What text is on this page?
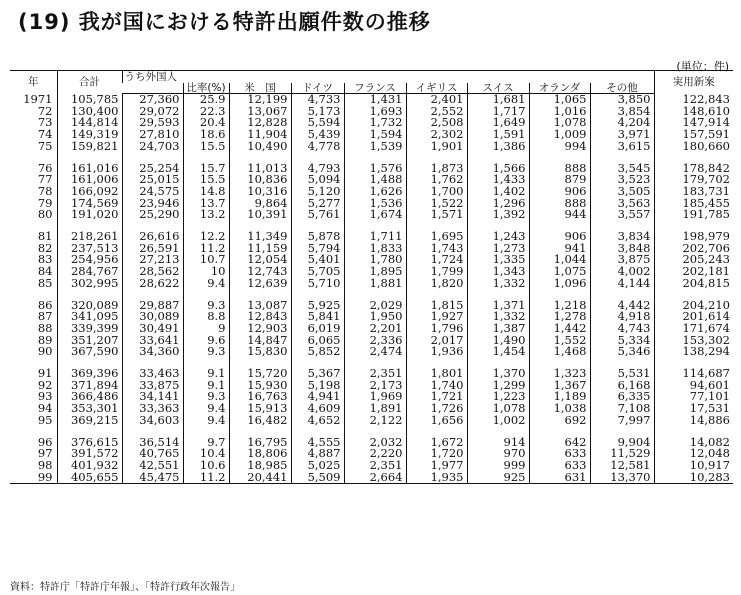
(19) 我が国における特許出願件数の推移
(単位：件)
年	合計	うち外国人									実用新案
			比率(%)	米　国	ドイツ	フランス	イギリス	スイス	オランダ	その他	
1971	105,785	27,360	25.9	12,199	4,733	1,431	2,401	1,681	1,065	3,850	122,843
72	130,400	29,072	22.3	13,067	5,173	1,693	2,552	1,717	1,016	3,854	148,610
73	144,814	29,593	20.4	12,828	5,594	1,732	2,508	1,649	1,078	4,204	147,914
74	149,319	27,810	18.6	11,904	5,439	1,594	2,302	1,591	1,009	3,971	157,591
75	159,821	24,703	15.5	10,490	4,778	1,539	1,901	1,386	994	3,615	180,660

76	161,016	25,254	15.7	11,013	4,793	1,576	1,873	1,566	888	3,545	178,842
77	161,006	25,015	15.5	10,836	5,094	1,488	1,762	1,433	879	3,523	179,702
78	166,092	24,575	14.8	10,316	5,120	1,626	1,700	1,402	906	3,505	183,731
79	174,569	23,946	13.7	9,864	5,277	1,536	1,522	1,296	888	3,563	185,455
80	191,020	25,290	13.2	10,391	5,761	1,674	1,571	1,392	944	3,557	191,785

81	218,261	26,616	12.2	11,349	5,878	1,711	1,695	1,243	906	3,834	198,979
82	237,513	26,591	11.2	11,159	5,794	1,833	1,743	1,273	941	3,848	202,706
83	254,956	27,213	10.7	12,054	5,401	1,780	1,724	1,335	1,044	3,875	205,243
84	284,767	28,562	10	12,743	5,705	1,895	1,799	1,343	1,075	4,002	202,181
85	302,995	28,622	9.4	12,639	5,710	1,881	1,820	1,332	1,096	4,144	204,815

86	320,089	29,887	9.3	13,087	5,925	2,029	1,815	1,371	1,218	4,442	204,210
87	341,095	30,089	8.8	12,843	5,841	1,950	1,927	1,332	1,278	4,918	201,614
88	339,399	30,491	9	12,903	6,019	2,201	1,796	1,387	1,442	4,743	171,674
89	351,207	33,641	9.6	14,847	6,065	2,336	2,017	1,490	1,552	5,334	153,302
90	367,590	34,360	9.3	15,830	5,852	2,474	1,936	1,454	1,468	5,346	138,294

91	369,396	33,463	9.1	15,720	5,367	2,351	1,801	1,370	1,323	5,531	114,687
92	371,894	33,875	9.1	15,930	5,198	2,173	1,740	1,299	1,367	6,168	94,601
93	366,486	34,141	9.3	16,763	4,941	1,969	1,721	1,223	1,189	6,335	77,101
94	353,301	33,363	9.4	15,913	4,609	1,891	1,726	1,078	1,038	7,108	17,531
95	369,215	34,603	9.4	16,482	4,652	2,122	1,656	1,002	692	7,997	14,886

96	376,615	36,514	9.7	16,795	4,555	2,032	1,672	914	642	9,904	14,082
97	391,572	40,765	10.4	18,806	4,887	2,220	1,720	970	633	11,529	12,048
98	401,932	42,551	10.6	18,985	5,025	2,351	1,977	999	633	12,581	10,917
99	405,655	45,475	11.2	20,441	5,509	2,664	1,935	925	631	13,370	10,283
資料：特許庁「特許庁年報」、「特許行政年次報告」
